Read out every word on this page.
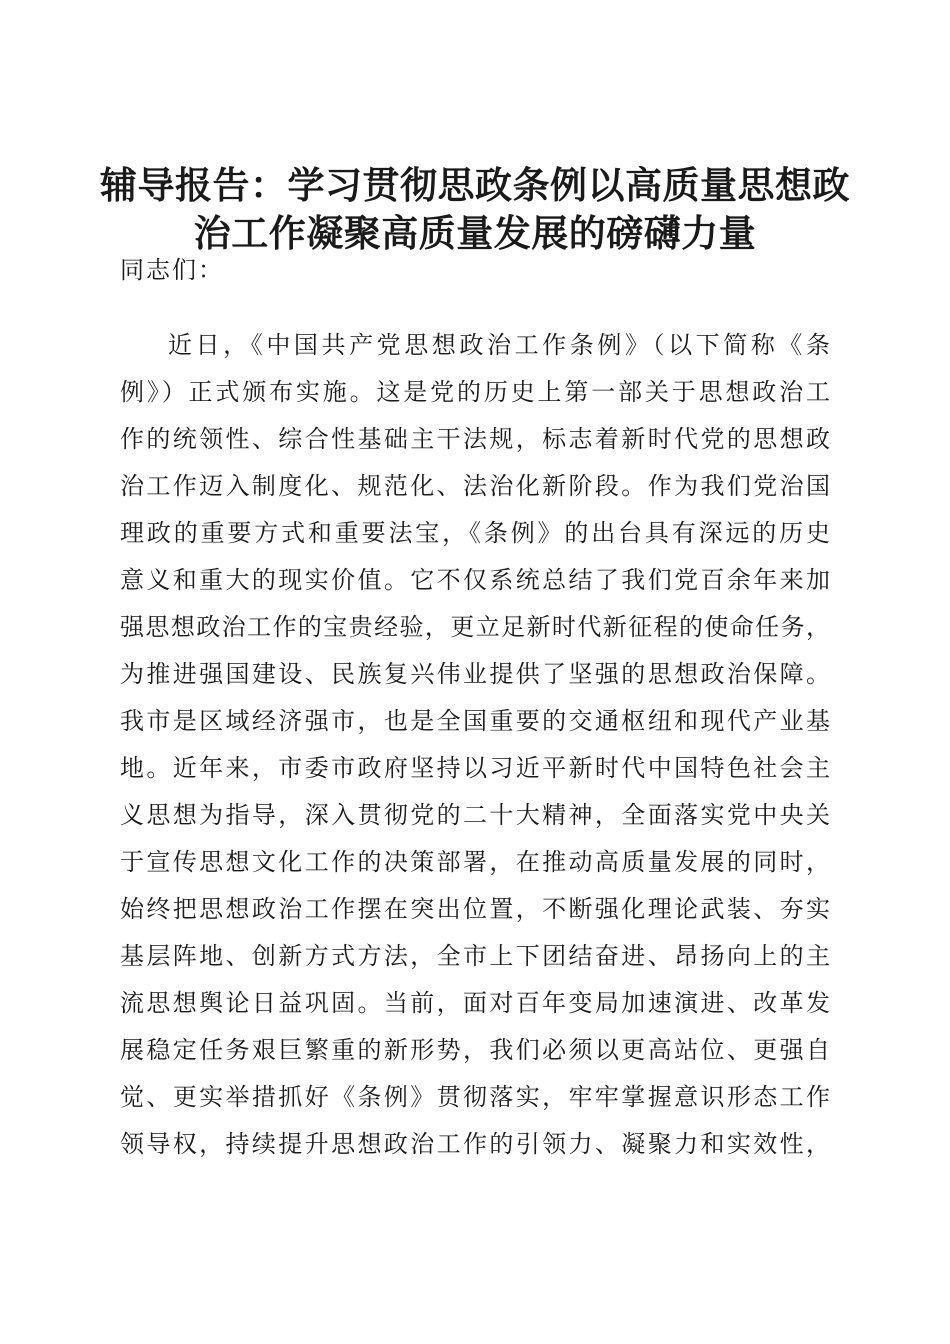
辅导报告：学习贯彻思政条例以高质量思想政
治工作凝聚高质量发展的磅礴力量
同志们：
近日，《中国共产党思想政治工作条例》（以下简称《条
例》）正式颁布实施。这是党的历史上第一部关于思想政治工
作的统领性、综合性基础主干法规，标志着新时代党的思想政
治工作迈入制度化、规范化、法治化新阶段。作为我们党治国
理政的重要方式和重要法宝，《条例》的出台具有深远的历史
意义和重大的现实价值。它不仅系统总结了我们党百余年来加
强思想政治工作的宝贵经验，更立足新时代新征程的使命任务，
为推进强国建设、民族复兴伟业提供了坚强的思想政治保障。
我市是区域经济强市，也是全国重要的交通枢纽和现代产业基
地。近年来，市委市政府坚持以习近平新时代中国特色社会主
义思想为指导，深入贯彻党的二十大精神，全面落实党中央关
于宣传思想文化工作的决策部署，在推动高质量发展的同时，
始终把思想政治工作摆在突出位置，不断强化理论武装、夯实
基层阵地、创新方式方法，全市上下团结奋进、昂扬向上的主
流思想舆论日益巩固。当前，面对百年变局加速演进、改革发
展稳定任务艰巨繁重的新形势，我们必须以更高站位、更强自
觉、更实举措抓好《条例》贯彻落实，牢牢掌握意识形态工作
领导权，持续提升思想政治工作的引领力、凝聚力和实效性，
